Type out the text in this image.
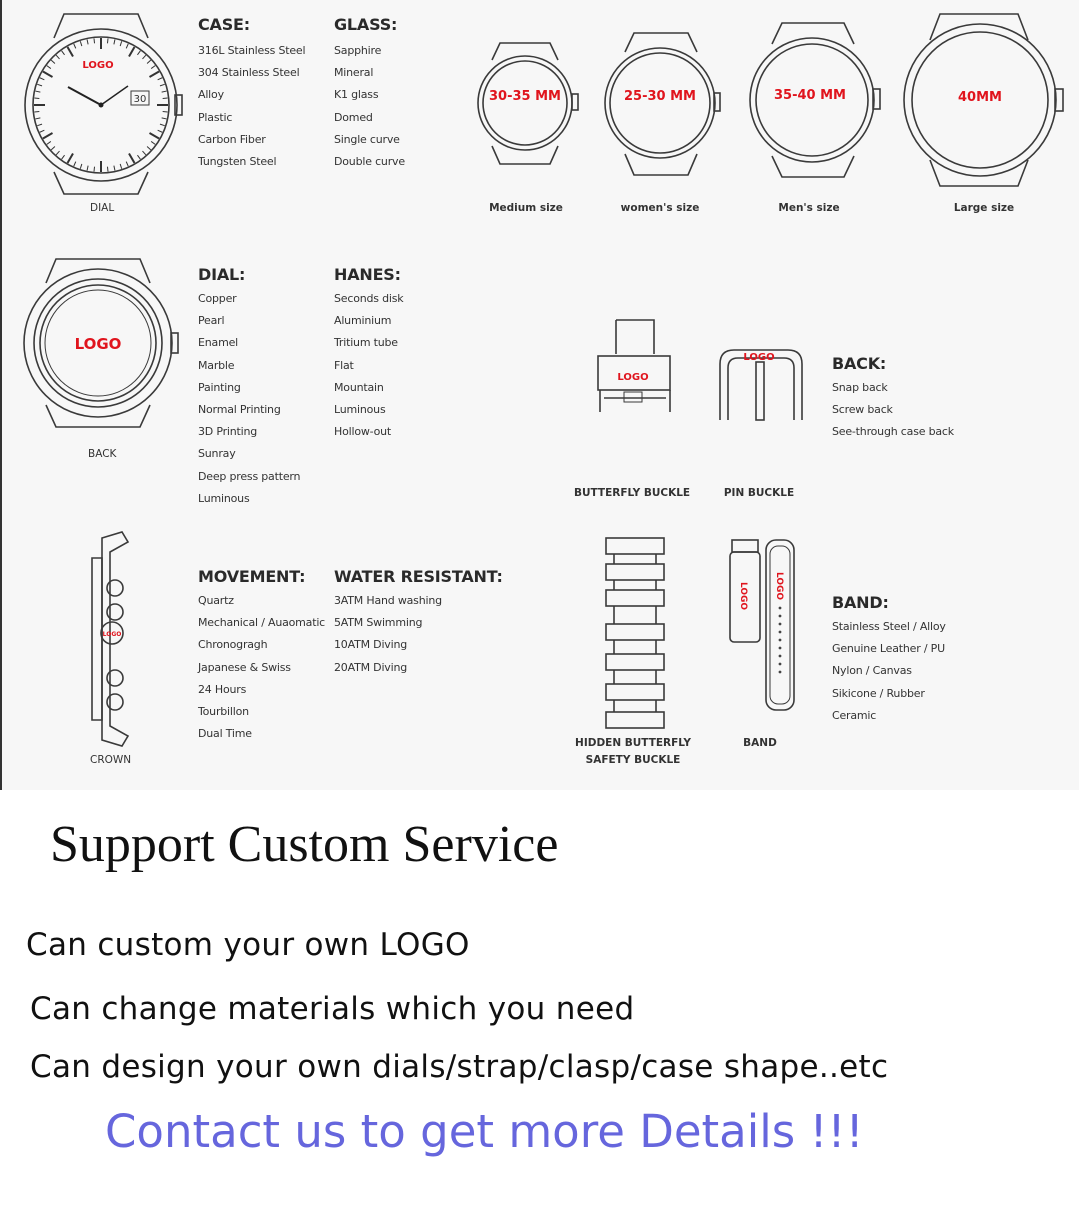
30
LOGO
DIAL
CASE:
316L Stainless Steel
304 Stainless Steel
Alloy
Plastic
Carbon Fiber
Tungsten Steel
GLASS:
Sapphire
Mineral
K1 glass
Domed
Single curve
Double curve
30-35 MM
Medium size
25-30 MM
women's size
35-40 MM
Men's size
40MM
Large size
LOGO
BACK
DIAL:
Copper
Pearl
Enamel
Marble
Painting
Normal Printing
3D Printing
Sunray
Deep press pattern
Luminous
HANES:
Seconds disk
Aluminium
Tritium tube
Flat
Mountain
Luminous
Hollow-out
LOGO
BUTTERFLY BUCKLE
LOGO
PIN BUCKLE
BACK:
Snap back
Screw back
See-through case back
LOGO
CROWN
MOVEMENT:
Quartz
Mechanical / Auaomatic
Chronogragh
Japanese & Swiss
24 Hours
Tourbillon
Dual Time
WATER RESISTANT:
3ATM Hand washing
5ATM Swimming
10ATM Diving
20ATM Diving
HIDDEN BUTTERFLY
SAFETY BUCKLE
LOGO	LOGO
BAND
BAND:
Stainless Steel / Alloy
Genuine Leather / PU
Nylon / Canvas
Sikicone / Rubber
Ceramic
Support Custom Service
Can custom your own LOGO
Can change materials which you need
Can design your own dials/strap/clasp/case shape..etc
Contact us to get more Details !!!
